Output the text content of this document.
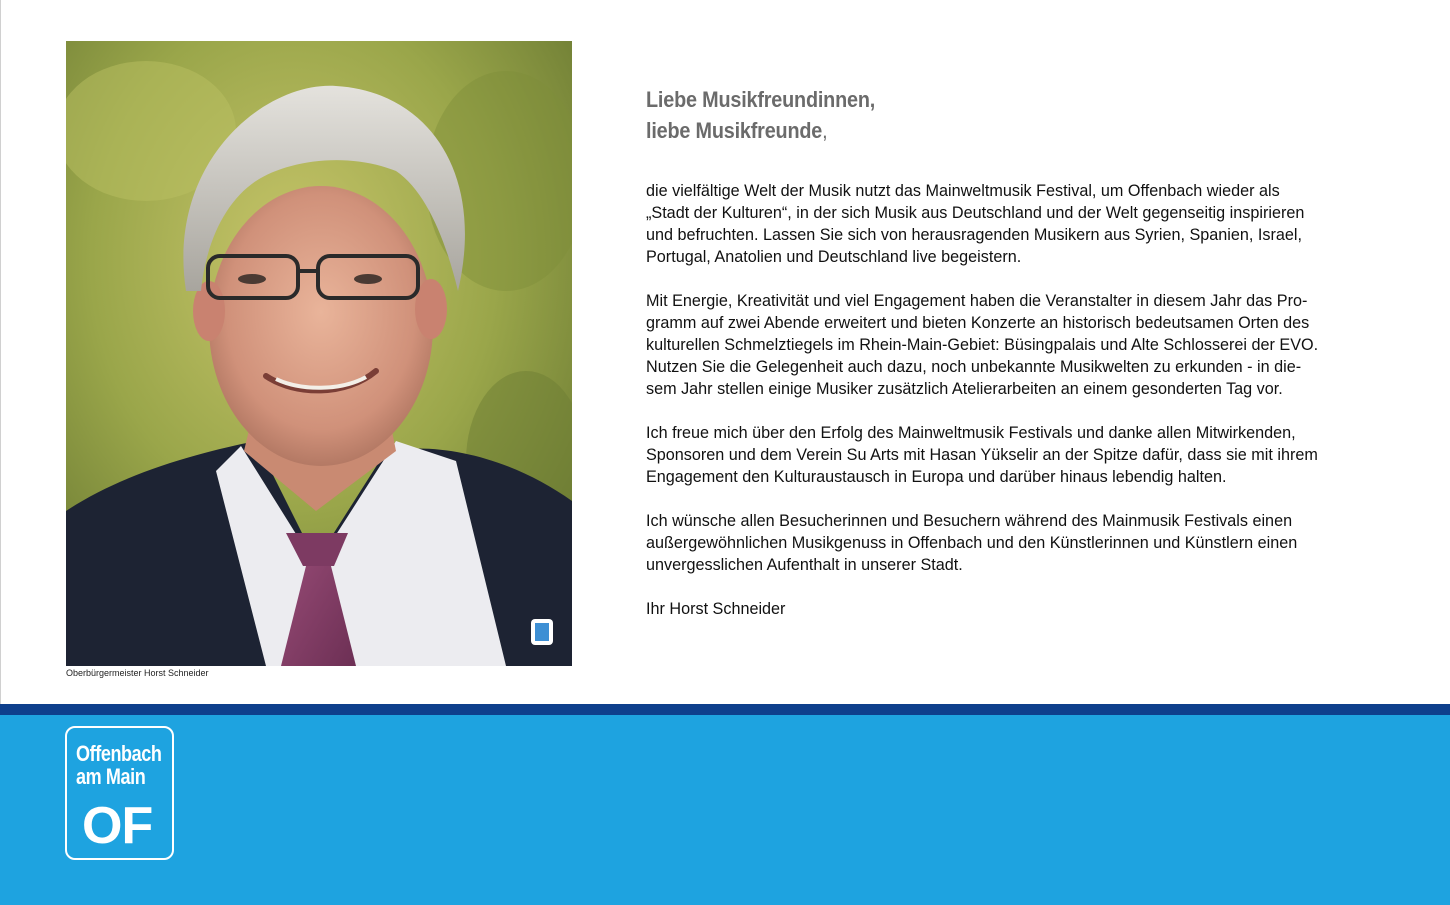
Oberbürgermeister Horst Schneider
Liebe Musikfreundinnen,
liebe Musikfreunde,
die vielfältige Welt der Musik nutzt das Mainweltmusik Festival, um Offenbach wieder als
„Stadt der Kulturen“, in der sich Musik aus Deutschland und der Welt gegenseitig inspirieren
und befruchten. Lassen Sie sich von herausragenden Musikern aus Syrien, Spanien, Israel,
Portugal, Anatolien und Deutschland live begeistern.
Mit Energie, Kreativität und viel Engagement haben die Veranstalter in diesem Jahr das Pro-
gramm auf zwei Abende erweitert und bieten Konzerte an historisch bedeutsamen Orten des
kulturellen Schmelztiegels im Rhein-Main-Gebiet: Büsingpalais und Alte Schlosserei der EVO.
Nutzen Sie die Gelegenheit auch dazu, noch unbekannte Musikwelten zu erkunden - in die-
sem Jahr stellen einige Musiker zusätzlich Atelierarbeiten an einem gesonderten Tag vor.
Ich freue mich über den Erfolg des Mainweltmusik Festivals und danke allen Mitwirkenden,
Sponsoren und dem Verein Su Arts mit Hasan Yükselir an der Spitze dafür, dass sie mit ihrem
Engagement den Kulturaustausch in Europa und darüber hinaus lebendig halten.
Ich wünsche allen Besucherinnen und Besuchern während des Mainmusik Festivals einen
außergewöhnlichen Musikgenuss in Offenbach und den Künstlerinnen und Künstlern einen
unvergesslichen Aufenthalt in unserer Stadt.
Ihr Horst Schneider
Offenbach
am Main
OF
